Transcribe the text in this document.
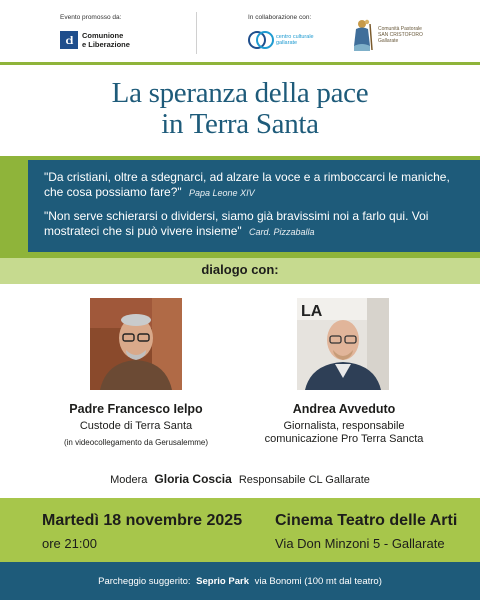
Evento promosso da:
cl	Comunione
e Liberazione
In collaborazione con:
centro culturale
gallarate
Comunità Pastorale
SAN CRISTOFORO
Gallarate
La speranza della pace
in Terra Santa
"Da cristiani, oltre a sdegnarci, ad alzare la voce e a rimboccarci le maniche, che cosa possiamo fare?" Papa Leone XIV
"Non serve schierarsi o dividersi, siamo già bravissimi noi a farlo qui. Voi mostrateci che si può vivere insieme" Card. Pizzaballa
dialogo con:
LA
Padre Francesco Ielpo
Custode di Terra Santa
(in videocollegamento da Gerusalemme)
Andrea Avveduto
Giornalista, responsabile
comunicazione Pro Terra Sancta
Modera Gloria Coscia Responsabile CL Gallarate
Martedì 18 novembre 2025
ore 21:00
Cinema Teatro delle Arti
Via Don Minzoni 5 - Gallarate
Parcheggio suggerito: Seprio Park via Bonomi (100 mt dal teatro)
